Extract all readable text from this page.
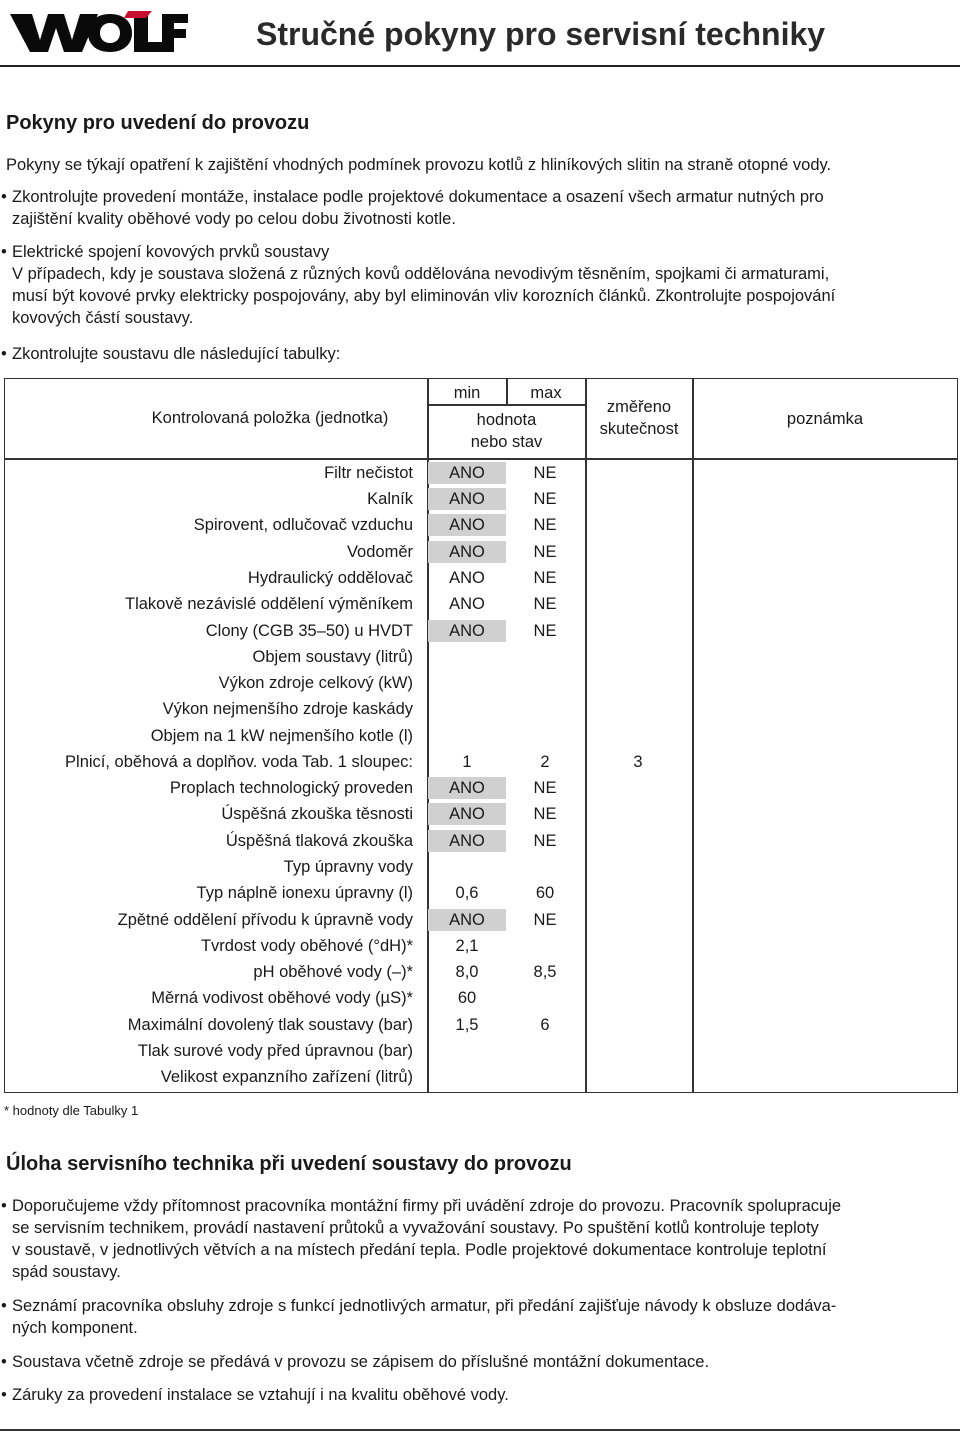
Stručné pokyny pro servisní techniky
Pokyny pro uvedení do provozu
Pokyny se týkají opatření k zajištění vhodných podmínek provozu kotlů z hliníkových slitin na straně otopné vody.
• Zkontrolujte provedení montáže, instalace podle projektové dokumentace a osazení všech armatur nutných pro
zajištění kvality oběhové vody po celou dobu životnosti kotle.
• Elektrické spojení kovových prvků soustavy
V případech, kdy je soustava složená z různých kovů oddělována nevodivým těsněním, spojkami či armaturami,
musí být kovové prvky elektricky pospojovány, aby byl eliminován vliv korozních článků. Zkontrolujte pospojování
kovových částí soustavy.
• Zkontrolujte soustavu dle následující tabulky:
Kontrolovaná položka (jednotka)
min	max
hodnota
nebo stav
změřeno
skutečnost
poznámka
Filtr nečistot	ANO	NE
Kalník	ANO	NE
Spirovent, odlučovač vzduchu	ANO	NE
Vodoměr	ANO	NE
Hydraulický oddělovač	ANO	NE
Tlakově nezávislé oddělení výměníkem	ANO	NE
Clony (CGB 35–50) u HVDT	ANO	NE
Objem soustavy (litrů)
Výkon zdroje celkový (kW)
Výkon nejmenšího zdroje kaskády
Objem na 1 kW nejmenšího kotle (l)
Plnicí, oběhová a doplňov. voda Tab. 1 sloupec:	1	2	3
Proplach technologický proveden	ANO	NE
Úspěšná zkouška těsnosti	ANO	NE
Úspěšná tlaková zkouška	ANO	NE
Typ úpravny vody
Typ náplně ionexu úpravny (l)	0,6	60
Zpětné oddělení přívodu k úpravně vody	ANO	NE
Tvrdost vody oběhové (°dH)*	2,1
pH oběhové vody (–)*	8,0	8,5
Měrná vodivost oběhové vody (µS)*	60
Maximální dovolený tlak soustavy (bar)	1,5	6
Tlak surové vody před úpravnou (bar)
Velikost expanzního zařízení (litrů)
* hodnoty dle Tabulky 1
Úloha servisního technika při uvedení soustavy do provozu
• Doporučujeme vždy přítomnost pracovníka montážní firmy při uvádění zdroje do provozu. Pracovník spolupracuje
se servisním technikem, provádí nastavení průtoků a vyvažování soustavy. Po spuštění kotlů kontroluje teploty
v soustavě, v jednotlivých větvích a na místech předání tepla. Podle projektové dokumentace kontroluje teplotní
spád soustavy.
• Seznámí pracovníka obsluhy zdroje s funkcí jednotlivých armatur, při předání zajišťuje návody k obsluze dodáva-
ných komponent.
• Soustava včetně zdroje se předává v provozu se zápisem do příslušné montážní dokumentace.
• Záruky za provedení instalace se vztahují i na kvalitu oběhové vody.
